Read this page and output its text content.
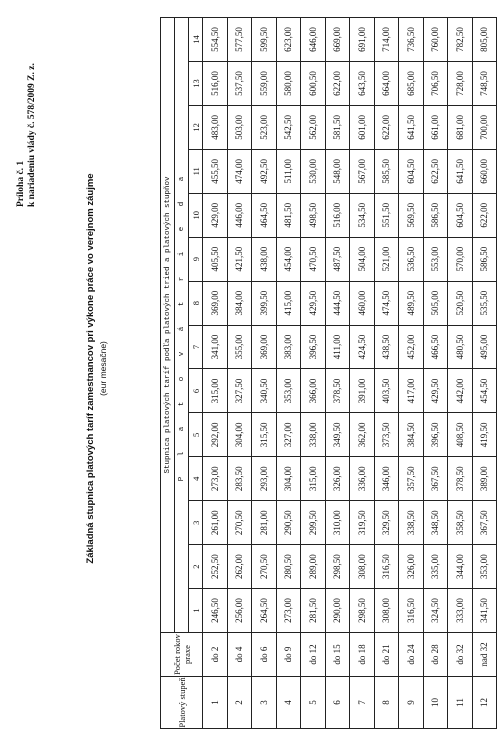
Príloha č. 1 k nariadeniu vlády č. 578/2009 Z. z.
Základná stupnica platových taríf zamestnancov pri výkone práce vo verejnom záujme (eur mesačne)
Platový stupeň	Počet rokov praxe	Stupnica platových taríf podľa platových tried a platových stupňov													
		P l a t o v á t r i e d a													
		1	2	3	4	5	6	7	8	9	10	11	12	13	14
1	do 2	246,50	252,50	261,00	273,00	292,00	315,00	341,00	369,00	405,50	429,00	455,50	483,00	516,00	554,50
2	do 4	256,00	262,00	270,50	283,50	304,00	327,50	355,00	384,00	421,50	446,00	474,00	503,00	537,50	577,50
3	do 6	264,50	270,50	281,00	293,00	315,50	340,50	369,00	399,50	438,00	464,50	492,50	523,00	559,00	599,50
4	do 9	273,00	280,50	290,50	304,00	327,00	353,00	383,00	415,00	454,00	481,50	511,00	542,50	580,00	623,00
5	do 12	281,50	289,00	299,50	315,00	338,00	366,00	396,50	429,50	470,50	498,50	530,00	562,00	600,50	646,00
6	do 15	290,00	298,50	310,00	326,00	349,50	378,50	411,00	444,50	487,50	516,00	548,00	581,50	622,00	669,00
7	do 18	298,50	308,00	319,50	336,00	362,00	391,00	424,50	460,00	504,00	534,50	567,00	601,00	643,50	691,00
8	do 21	308,00	316,50	329,50	346,00	373,50	403,50	438,50	474,50	521,00	551,50	585,50	622,00	664,00	714,00
9	do 24	316,50	326,00	338,50	357,50	384,50	417,00	452,00	489,50	536,50	569,50	604,50	641,50	685,00	736,50
10	do 28	324,50	335,00	348,50	367,50	396,50	429,50	466,50	505,00	553,00	586,50	622,50	661,00	706,50	760,00
11	do 32	333,00	344,00	358,50	378,50	408,50	442,00	480,50	520,50	570,00	604,50	641,50	681,00	728,00	782,50
12	nad 32	341,50	353,00	367,50	389,00	419,50	454,50	495,00	535,50	586,50	622,00	660,00	700,00	748,50	805,00
